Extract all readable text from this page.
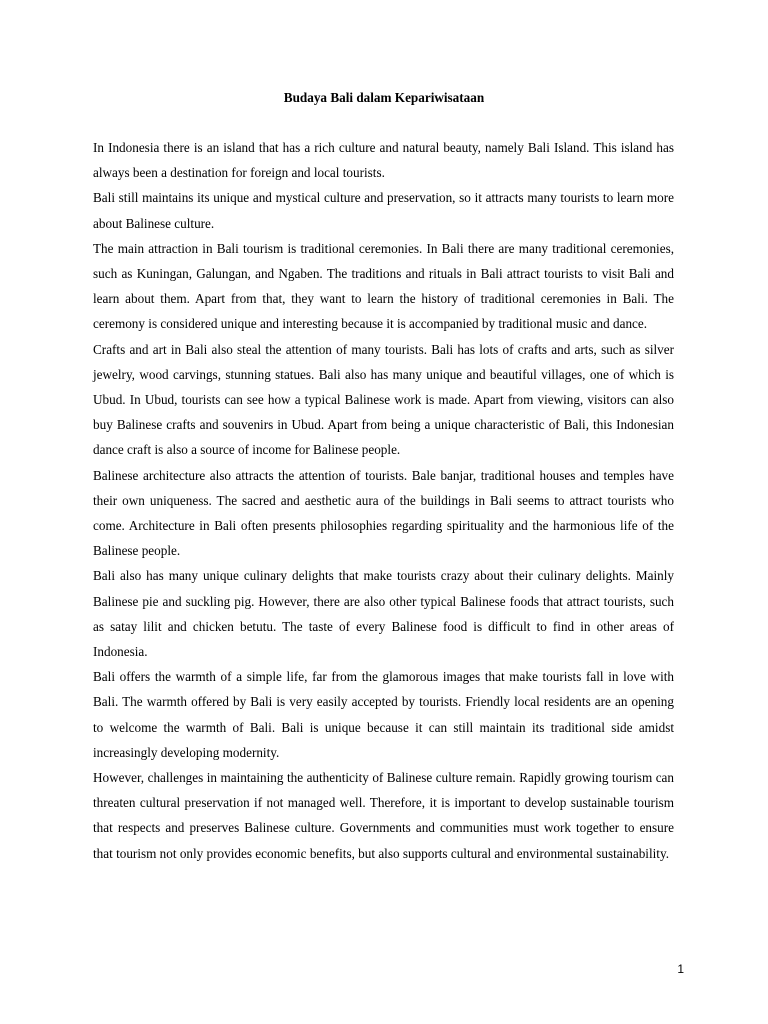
Budaya Bali dalam Kepariwisataan

In Indonesia there is an island that has a rich culture and natural beauty, namely Bali Island. This island has always been a destination for foreign and local tourists.

Bali still maintains its unique and mystical culture and preservation, so it attracts many tourists to learn more about Balinese culture.

The main attraction in Bali tourism is traditional ceremonies. In Bali there are many traditional ceremonies, such as Kuningan, Galungan, and Ngaben. The traditions and rituals in Bali attract tourists to visit Bali and learn about them. Apart from that, they want to learn the history of traditional ceremonies in Bali. The ceremony is considered unique and interesting because it is accompanied by traditional music and dance.

Crafts and art in Bali also steal the attention of many tourists. Bali has lots of crafts and arts, such as silver jewelry, wood carvings, stunning statues. Bali also has many unique and beautiful villages, one of which is Ubud. In Ubud, tourists can see how a typical Balinese work is made. Apart from viewing, visitors can also buy Balinese crafts and souvenirs in Ubud. Apart from being a unique characteristic of Bali, this Indonesian dance craft is also a source of income for Balinese people.

Balinese architecture also attracts the attention of tourists. Bale banjar, traditional houses and temples have their own uniqueness. The sacred and aesthetic aura of the buildings in Bali seems to attract tourists who come. Architecture in Bali often presents philosophies regarding spirituality and the harmonious life of the Balinese people.

Bali also has many unique culinary delights that make tourists crazy about their culinary delights. Mainly Balinese pie and suckling pig. However, there are also other typical Balinese foods that attract tourists, such as satay lilit and chicken betutu. The taste of every Balinese food is difficult to find in other areas of Indonesia.

Bali offers the warmth of a simple life, far from the glamorous images that make tourists fall in love with Bali. The warmth offered by Bali is very easily accepted by tourists. Friendly local residents are an opening to welcome the warmth of Bali. Bali is unique because it can still maintain its traditional side amidst increasingly developing modernity.

However, challenges in maintaining the authenticity of Balinese culture remain. Rapidly growing tourism can threaten cultural preservation if not managed well. Therefore, it is important to develop sustainable tourism that respects and preserves Balinese culture. Governments and communities must work together to ensure that tourism not only provides economic benefits, but also supports cultural and environmental sustainability.

1
